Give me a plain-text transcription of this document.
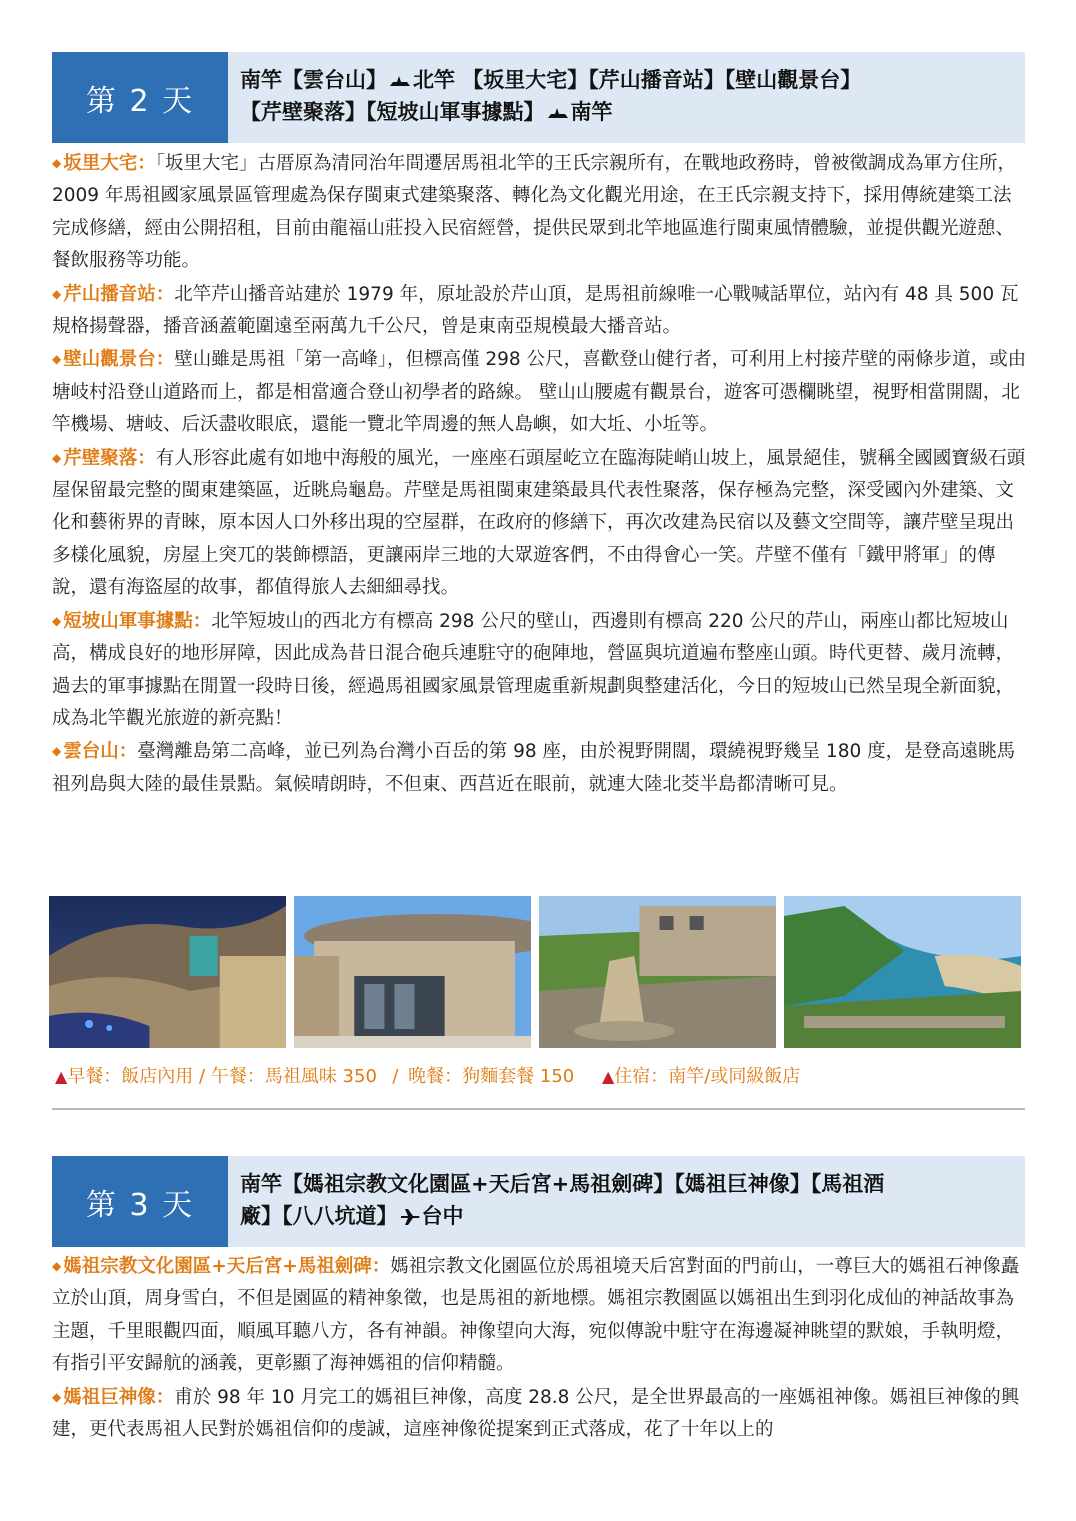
第 2 天
南竿【雲台山】 北竿 【坂里大宅】【芹山播音站】【壁山觀景台】
【芹壁聚落】【短坡山軍事據點】 南竿

◆ 坂里大宅：「坂里大宅」古厝原為清同治年間遷居馬祖北竿的王氏宗親所有，在戰地政務時，曾被徵調成為軍方住所，2009 年馬祖國家風景區管理處為保存閩東式建築聚落、轉化為文化觀光用途，在王氏宗親支持下，採用傳統建築工法完成修繕，經由公開招租，目前由龍福山莊投入民宿經營，提供民眾到北竿地區進行閩東風情體驗，並提供觀光遊憩、餐飲服務等功能。

◆ 芹山播音站：北竿芹山播音站建於 1979 年，原址設於芹山頂，是馬祖前線唯一心戰喊話單位，站內有 48 具 500 瓦規格揚聲器，播音涵蓋範圍遠至兩萬九千公尺，曾是東南亞規模最大播音站。

◆ 壁山觀景台：壁山雖是馬祖「第一高峰」，但標高僅 298 公尺，喜歡登山健行者，可利用上村接芹壁的兩條步道，或由塘岐村沿登山道路而上，都是相當適合登山初學者的路線。 壁山山腰處有觀景台，遊客可憑欄眺望，視野相當開闊，北竿機場、塘岐、后沃盡收眼底，還能一覽北竿周邊的無人島嶼，如大坵、小坵等。

◆ 芹壁聚落：有人形容此處有如地中海般的風光，一座座石頭屋屹立在臨海陡峭山坡上，風景絕佳，號稱全國國寶級石頭屋保留最完整的閩東建築區，近眺烏龜島。芹壁是馬祖閩東建築最具代表性聚落，保存極為完整，深受國內外建築、文化和藝術界的青睞，原本因人口外移出現的空屋群，在政府的修繕下，再次改建為民宿以及藝文空間等，讓芹壁呈現出多樣化風貌，房屋上突兀的裝飾標語，更讓兩岸三地的大眾遊客們，不由得會心一笑。芹壁不僅有「鐵甲將軍」的傳說，還有海盜屋的故事，都值得旅人去細細尋找。

◆ 短坡山軍事據點：北竿短坡山的西北方有標高 298 公尺的壁山，西邊則有標高 220 公尺的芹山，兩座山都比短坡山高，構成良好的地形屏障，因此成為昔日混合砲兵連駐守的砲陣地，營區與坑道遍布整座山頭。時代更替、歲月流轉，過去的軍事據點在閒置一段時日後，經過馬祖國家風景管理處重新規劃與整建活化，今日的短坡山已然呈現全新面貌，成為北竿觀光旅遊的新亮點！

◆ 雲台山：臺灣離島第二高峰，並已列為台灣小百岳的第 98 座，由於視野開闊，環繞視野幾呈 180 度，是登高遠眺馬祖列島與大陸的最佳景點。氣候晴朗時，不但東、西莒近在眼前，就連大陸北茭半島都清晰可見。

▲早餐：飯店內用 / 午餐：馬祖風味 350  / 晚餐：狗麵套餐 150 ▲住宿：南竿/或同級飯店
第 3 天
南竿【媽祖宗教文化園區+天后宮+馬祖劍碑】【媽祖巨神像】【馬祖酒
廠】【八八坑道】 台中

◆ 媽祖宗教文化園區+天后宮+馬祖劍碑：媽祖宗教文化園區位於馬祖境天后宮對面的門前山，一尊巨大的媽祖石神像矗立於山頂，周身雪白，不但是園區的精神象徵，也是馬祖的新地標。媽祖宗教園區以媽祖出生到羽化成仙的神話故事為主題，千里眼觀四面，順風耳聽八方，各有神韻。神像望向大海，宛似傳說中駐守在海邊凝神眺望的默娘，手執明燈，有指引平安歸航的涵義，更彰顯了海神媽祖的信仰精髓。

◆ 媽祖巨神像：甫於 98 年 10 月完工的媽祖巨神像，高度 28.8 公尺，是全世界最高的一座媽祖神像。媽祖巨神像的興建，更代表馬祖人民對於媽祖信仰的虔誠，這座神像從提案到正式落成，花了十年以上的
